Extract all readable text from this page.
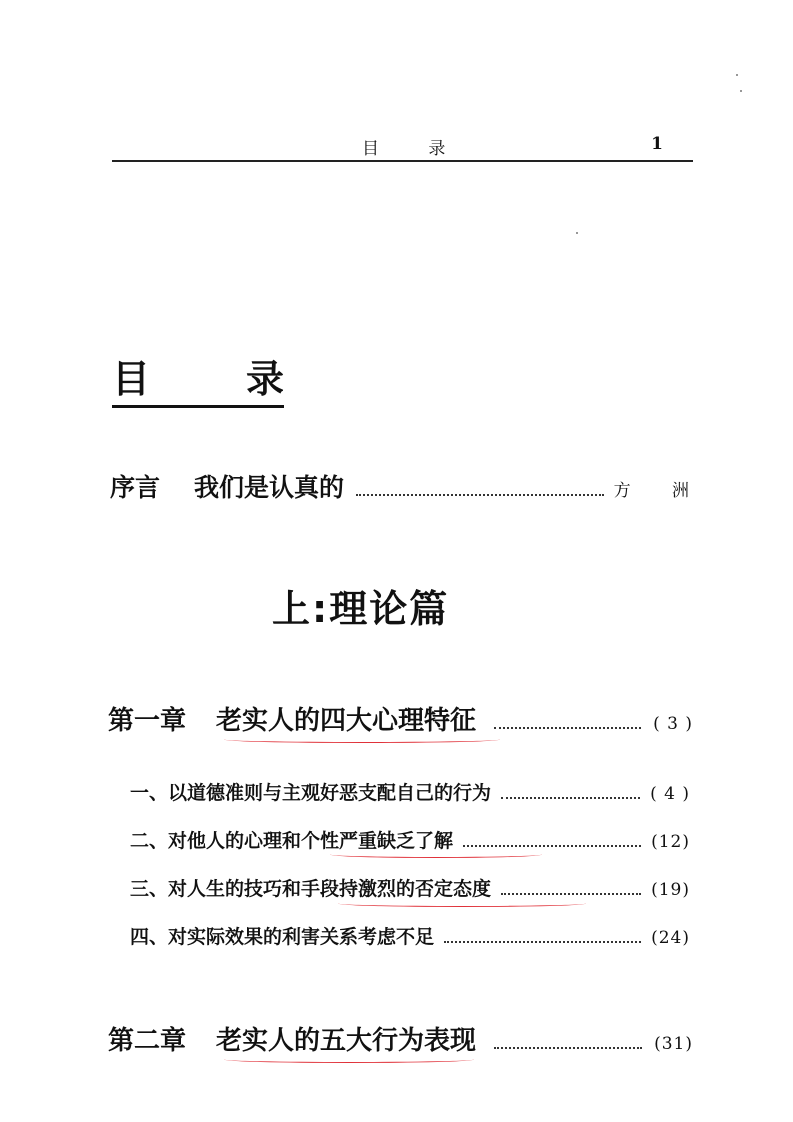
目 录	1
目	录
序言 我们是认真的	方 洲
上:理论篇
第一章 老实人的四大心理特征	( 3 )
一、以道德准则与主观好恶支配自己的行为	( 4 )
二、对他人的心理和个性严重缺乏了解	(12)
三、对人生的技巧和手段持激烈的否定态度	(19)
四、对实际效果的利害关系考虑不足	(24)
第二章 老实人的五大行为表现	(31)
